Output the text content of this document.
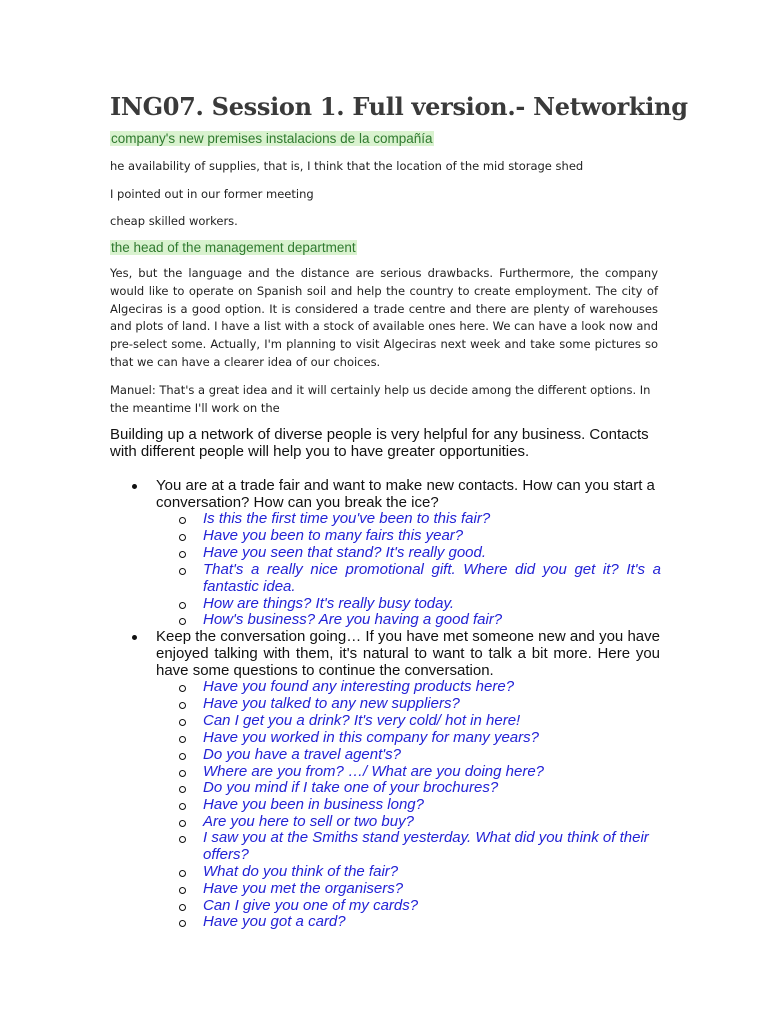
ING07. Session 1. Full version.- Networking
company's new premises instalacions de la compañía

he availability of supplies, that is, I think that the location of the mid storage shed

I pointed out in our former meeting

cheap skilled workers.

the head of the management department

Yes, but the language and the distance are serious drawbacks. Furthermore, the company would like to operate on Spanish soil and help the country to create employment. The city of Algeciras is a good option. It is considered a trade centre and there are plenty of warehouses and plots of land. I have a list with a stock of available ones here. We can have a look now and pre-select some. Actually, I'm planning to visit Algeciras next week and take some pictures so that we can have a clearer idea of our choices.

Manuel: That's a great idea and it will certainly help us decide among the different options. In the meantime I'll work on the

Building up a network of diverse people is very helpful for any business. Contacts with different people will help you to have greater opportunities.

You are at a trade fair and want to make new contacts. How can you start a conversation? How can you break the ice?
Is this the first time you've been to this fair?
Have you been to many fairs this year?
Have you seen that stand? It's really good.
That's a really nice promotional gift. Where did you get it? It's a fantastic idea.
How are things? It's really busy today.
How's business? Are you having a good fair?
Keep the conversation going… If you have met someone new and you have enjoyed talking with them, it's natural to want to talk a bit more. Here you have some questions to continue the conversation.
Have you found any interesting products here?
Have you talked to any new suppliers?
Can I get you a drink? It's very cold/ hot in here!
Have you worked in this company for many years?
Do you have a travel agent's?
Where are you from? …/ What are you doing here?
Do you mind if I take one of your brochures?
Have you been in business long?
Are you here to sell or two buy?
I saw you at the Smiths stand yesterday. What did you think of their offers?
What do you think of the fair?
Have you met the organisers?
Can I give you one of my cards?
Have you got a card?
